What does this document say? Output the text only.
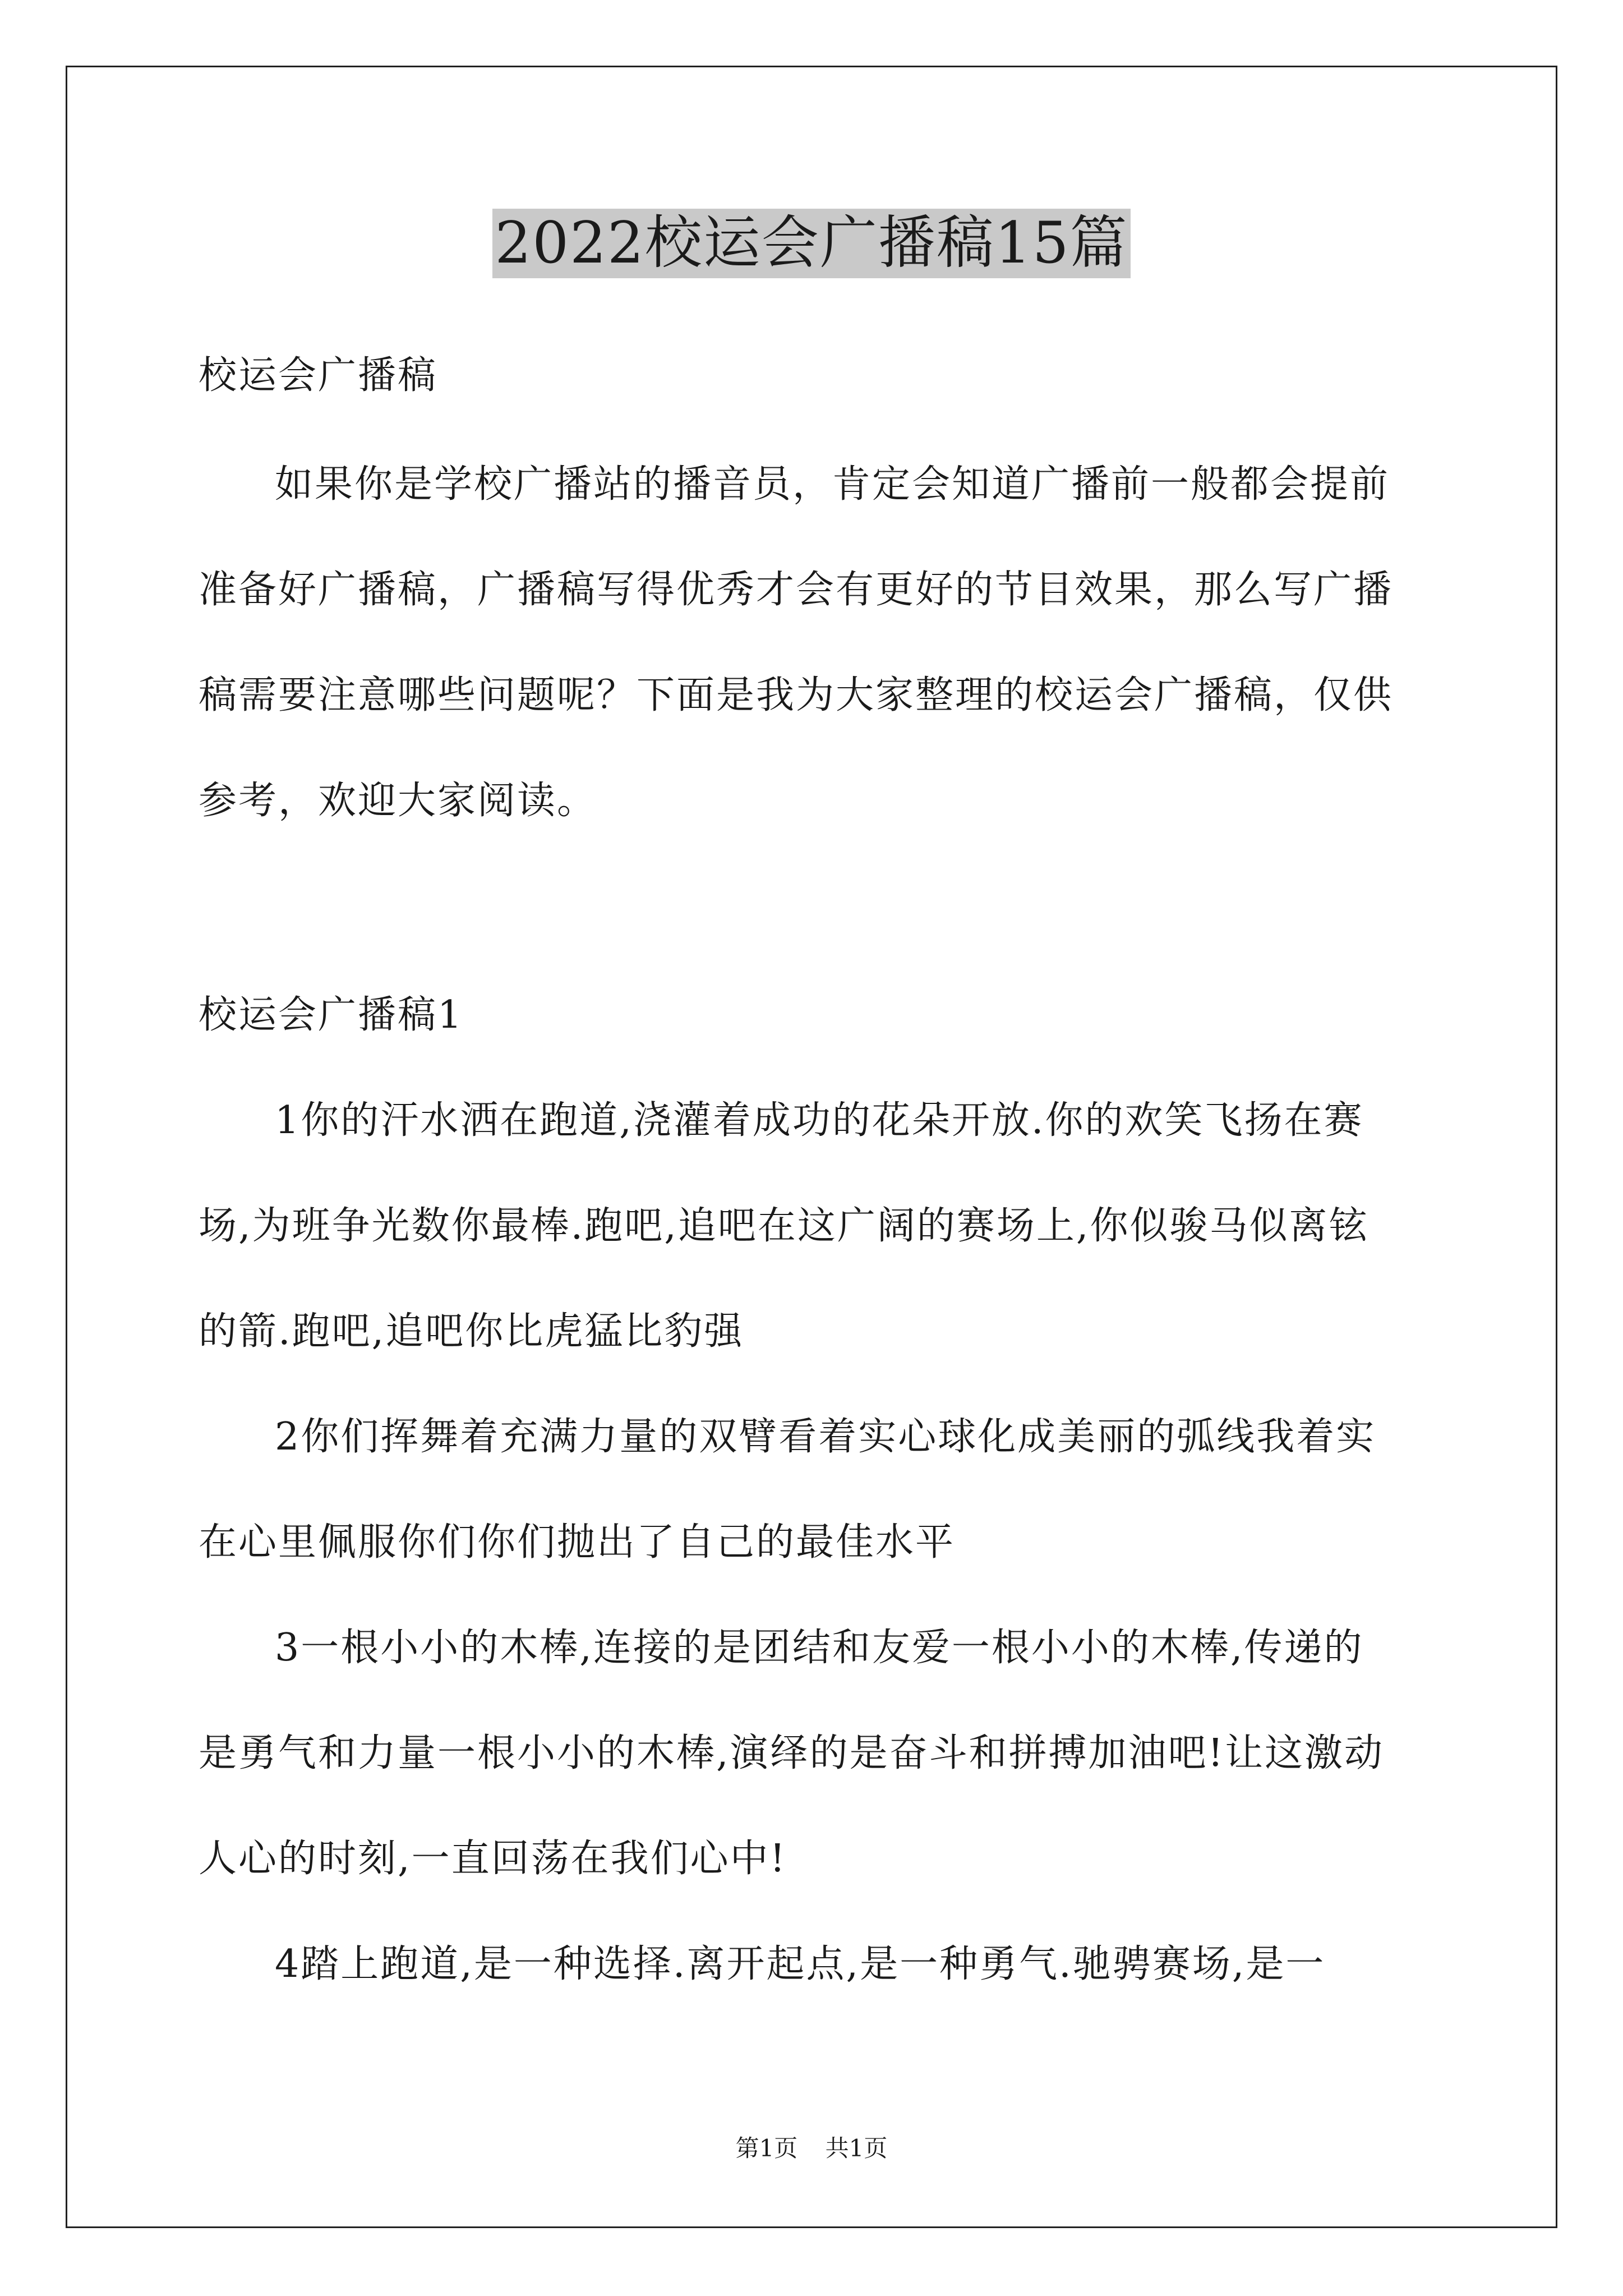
2022校运会广播稿15篇
校运会广播稿
如果你是学校广播站的播音员，肯定会知道广播前一般都会提前
准备好广播稿，广播稿写得优秀才会有更好的节目效果，那么写广播
稿需要注意哪些问题呢？下面是我为大家整理的校运会广播稿，仅供
参考，欢迎大家阅读。
校运会广播稿1
1你的汗水洒在跑道,浇灌着成功的花朵开放.你的欢笑飞扬在赛
场,为班争光数你最棒.跑吧,追吧在这广阔的赛场上,你似骏马似离铉
的箭.跑吧,追吧你比虎猛比豹强
2你们挥舞着充满力量的双臂看着实心球化成美丽的弧线我着实
在心里佩服你们你们抛出了自己的最佳水平
3一根小小的木棒,连接的是团结和友爱一根小小的木棒,传递的
是勇气和力量一根小小的木棒,演绎的是奋斗和拼搏加油吧!让这激动
人心的时刻,一直回荡在我们心中!
4踏上跑道,是一种选择.离开起点,是一种勇气.驰骋赛场,是一
第1页 共1页
